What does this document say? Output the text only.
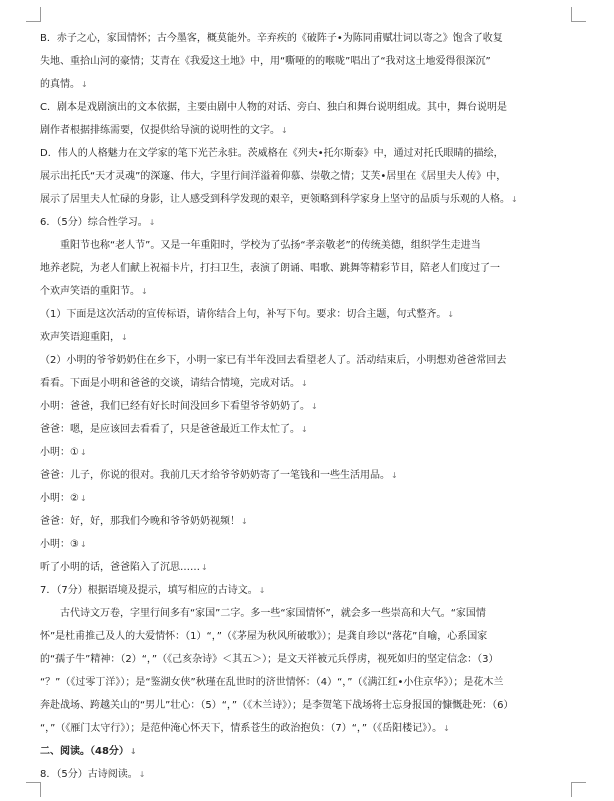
B．赤子之心，家国情怀；古今墨客，概莫能外。辛弃疾的《破阵子•为陈同甫赋壮词以寄之》饱含了收复
失地、重拾山河的豪情；艾青在《我爱这土地》中，用“嘶哑的的喉咙”唱出了“我对这土地爱得很深沉”
的真情。↓
C．剧本是戏剧演出的文本依据，主要由剧中人物的对话、旁白、独白和舞台说明组成。其中，舞台说明是
剧作者根据排练需要，仅提供给导演的说明性的文字。↓
D．伟人的人格魅力在文学家的笔下光芒永驻。茨威格在《列夫•托尔斯泰》中，通过对托氏眼睛的描绘，
展示出托氏“天才灵魂”的深邃、伟大，字里行间洋溢着仰慕、崇敬之情；艾芙•居里在《居里夫人传》中，
展示了居里夫人忙碌的身影，让人感受到科学发现的艰辛，更领略到科学家身上坚守的品质与乐观的人格。↓
6．（5分）综合性学习。↓
重阳节也称“老人节”。又是一年重阳时，学校为了弘扬“孝亲敬老”的传统美德，组织学生走进当
地养老院，为老人们献上祝福卡片，打扫卫生，表演了朗诵、唱歌、跳舞等精彩节目，陪老人们度过了一
个欢声笑语的重阳节。↓
（1）下面是这次活动的宣传标语，请你结合上句，补写下句。要求：切合主题，句式整齐。↓
欢声笑语迎重阳，↓
（2）小明的爷爷奶奶住在乡下，小明一家已有半年没回去看望老人了。活动结束后，小明想劝爸爸常回去
看看。下面是小明和爸爸的交谈，请结合情境，完成对话。↓
小明：爸爸，我们已经有好长时间没回乡下看望爷爷奶奶了。↓
爸爸：嗯，是应该回去看看了，只是爸爸最近工作太忙了。↓
小明：①↓
爸爸：儿子，你说的很对。我前几天才给爷爷奶奶寄了一笔钱和一些生活用品。↓
小明：②↓
爸爸：好，好，那我们今晚和爷爷奶奶视频！↓
小明：③↓
听了小明的话，爸爸陷入了沉思……↓
7．（7分）根据语境及提示，填写相应的古诗文。↓
古代诗文万卷，字里行间多有“家国”二字。多一些“家国情怀”，就会多一些崇高和大气。“家国情
怀”是杜甫推己及人的大爱情怀：（1）“，”（《茅屋为秋风所破歌》）；是龚自珍以“落花”自喻，心系国家
的“孺子牛”精神：（2）“，”（《己亥杂诗》＜其五＞）；是文天祥被元兵俘虏，视死如归的坚定信念：（3）
“？”（《过零丁洋》）；是“鉴湖女侠”秋瑾在乱世时的济世情怀：（4）“，”（《满江红•小住京华》）；是花木兰
奔赴战场、跨越关山的“男儿”壮心：（5）“，”（《木兰诗》）；是李贺笔下战场将士忘身报国的慷慨赴死：（6）
“，”（《雁门太守行》）；是范仲淹心怀天下，情系苍生的政治抱负：（7）“，”（《岳阳楼记》）。↓
二、阅读。（48分）↓
8．（5分）古诗阅读。↓
